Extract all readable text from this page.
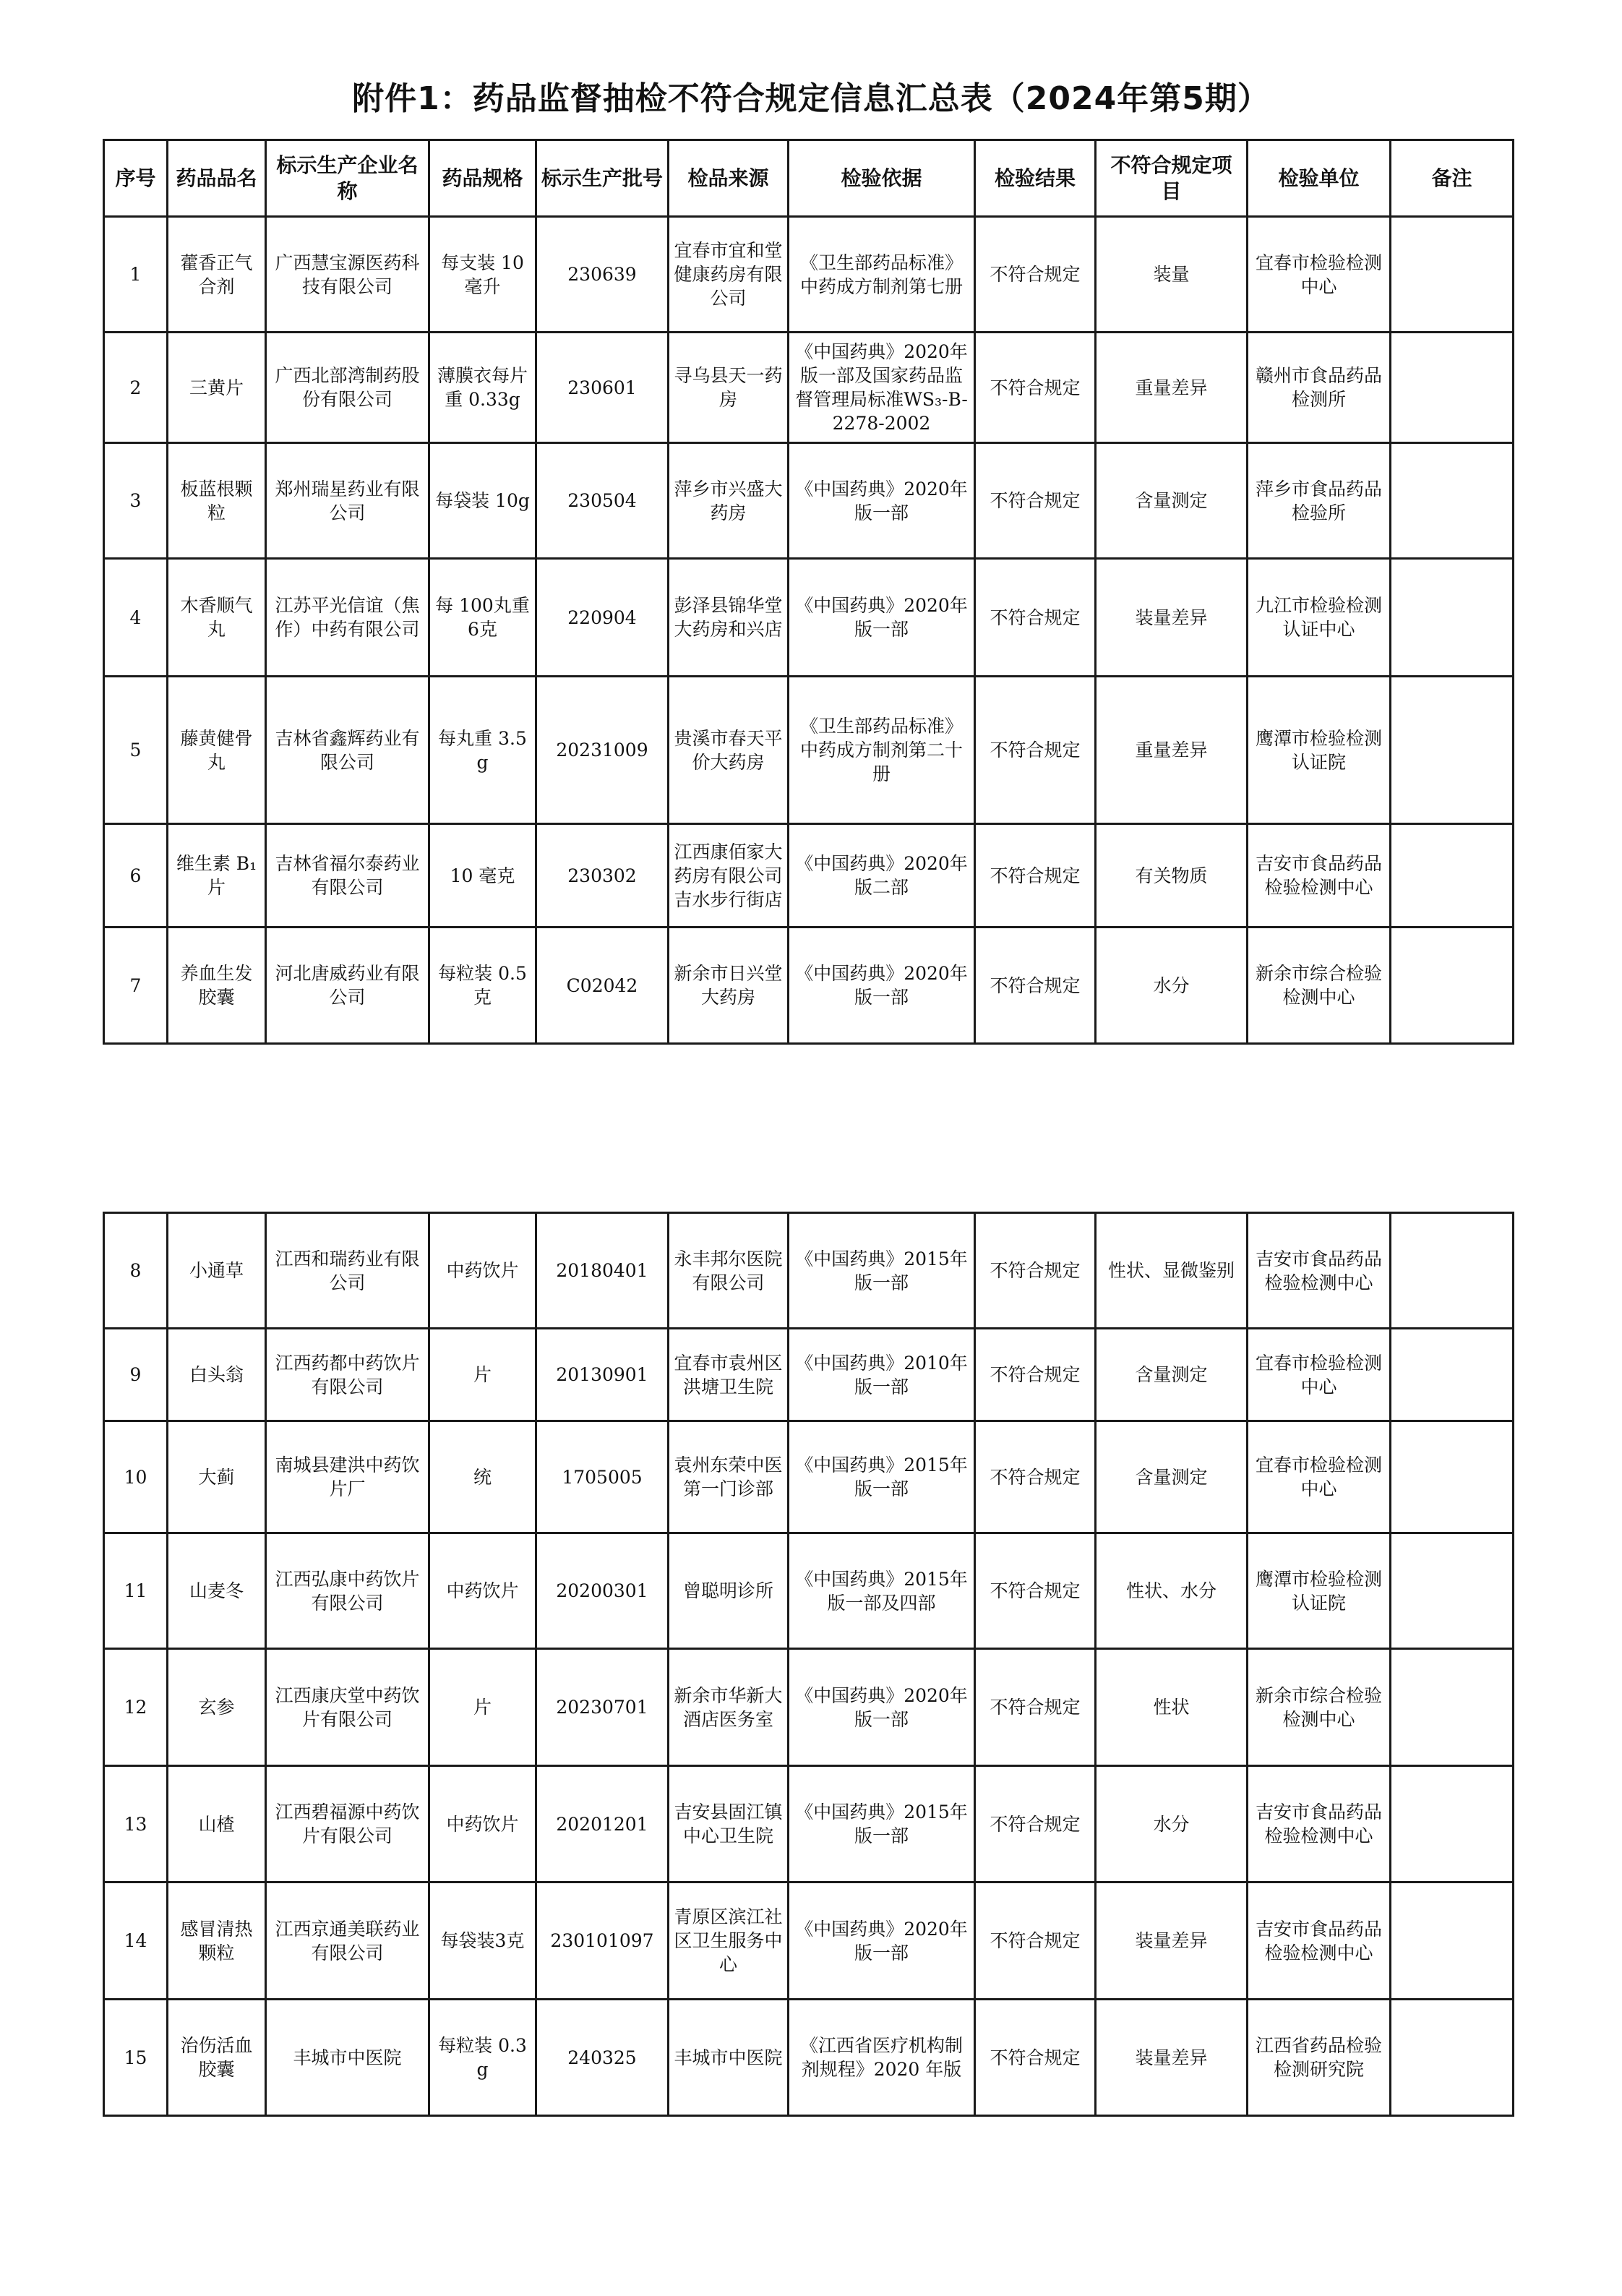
附件1：药品监督抽检不符合规定信息汇总表（2024年第5期）
序号	药品品名	标示生产企业名称	药品规格	标示生产批号	检品来源	检验依据	检验结果	不符合规定项目	检验单位	备注
1	藿香正气合剂	广西慧宝源医药科技有限公司	每支装 10 毫升	230639	宜春市宜和堂健康药房有限公司	《卫生部药品标准》中药成方制剂第七册	不符合规定	装量	宜春市检验检测中心	
2	三黄片	广西北部湾制药股份有限公司	薄膜衣每片重 0.33g	230601	寻乌县天一药房	《中国药典》2020年版一部及国家药品监督管理局标准WS₃-B-2278-2002	不符合规定	重量差异	赣州市食品药品检测所	
3	板蓝根颗粒	郑州瑞星药业有限公司	每袋装 10g	230504	萍乡市兴盛大药房	《中国药典》2020年版一部	不符合规定	含量测定	萍乡市食品药品检验所	
4	木香顺气丸	江苏平光信谊（焦作）中药有限公司	每 100丸重6克	220904	彭泽县锦华堂大药房和兴店	《中国药典》2020年版一部	不符合规定	装量差异	九江市检验检测认证中心	
5	藤黄健骨丸	吉林省鑫辉药业有限公司	每丸重 3.5g	20231009	贵溪市春天平价大药房	《卫生部药品标准》中药成方制剂第二十册	不符合规定	重量差异	鹰潭市检验检测认证院	
6	维生素 B₁片	吉林省福尔泰药业有限公司	10 毫克	230302	江西康佰家大药房有限公司吉水步行街店	《中国药典》2020年版二部	不符合规定	有关物质	吉安市食品药品检验检测中心	
7	养血生发胶囊	河北唐威药业有限公司	每粒装 0.5克	C02042	新余市日兴堂大药房	《中国药典》2020年版一部	不符合规定	水分	新余市综合检验检测中心	
8	小通草	江西和瑞药业有限公司	中药饮片	20180401	永丰邦尔医院有限公司	《中国药典》2015年版一部	不符合规定	性状、显微鉴别	吉安市食品药品检验检测中心	
9	白头翁	江西药都中药饮片有限公司	片	20130901	宜春市袁州区洪塘卫生院	《中国药典》2010年版一部	不符合规定	含量测定	宜春市检验检测中心	
10	大蓟	南城县建洪中药饮片厂	统	1705005	袁州东荣中医第一门诊部	《中国药典》2015年版一部	不符合规定	含量测定	宜春市检验检测中心	
11	山麦冬	江西弘康中药饮片有限公司	中药饮片	20200301	曾聪明诊所	《中国药典》2015年版一部及四部	不符合规定	性状、水分	鹰潭市检验检测认证院	
12	玄参	江西康庆堂中药饮片有限公司	片	20230701	新余市华新大酒店医务室	《中国药典》2020年版一部	不符合规定	性状	新余市综合检验检测中心	
13	山楂	江西碧福源中药饮片有限公司	中药饮片	20201201	吉安县固江镇中心卫生院	《中国药典》2015年版一部	不符合规定	水分	吉安市食品药品检验检测中心	
14	感冒清热颗粒	江西京通美联药业有限公司	每袋装3克	230101097	青原区滨江社区卫生服务中心	《中国药典》2020年版一部	不符合规定	装量差异	吉安市食品药品检验检测中心	
15	治伤活血胶囊	丰城市中医院	每粒装 0.3g	240325	丰城市中医院	《江西省医疗机构制剂规程》2020 年版	不符合规定	装量差异	江西省药品检验检测研究院	
